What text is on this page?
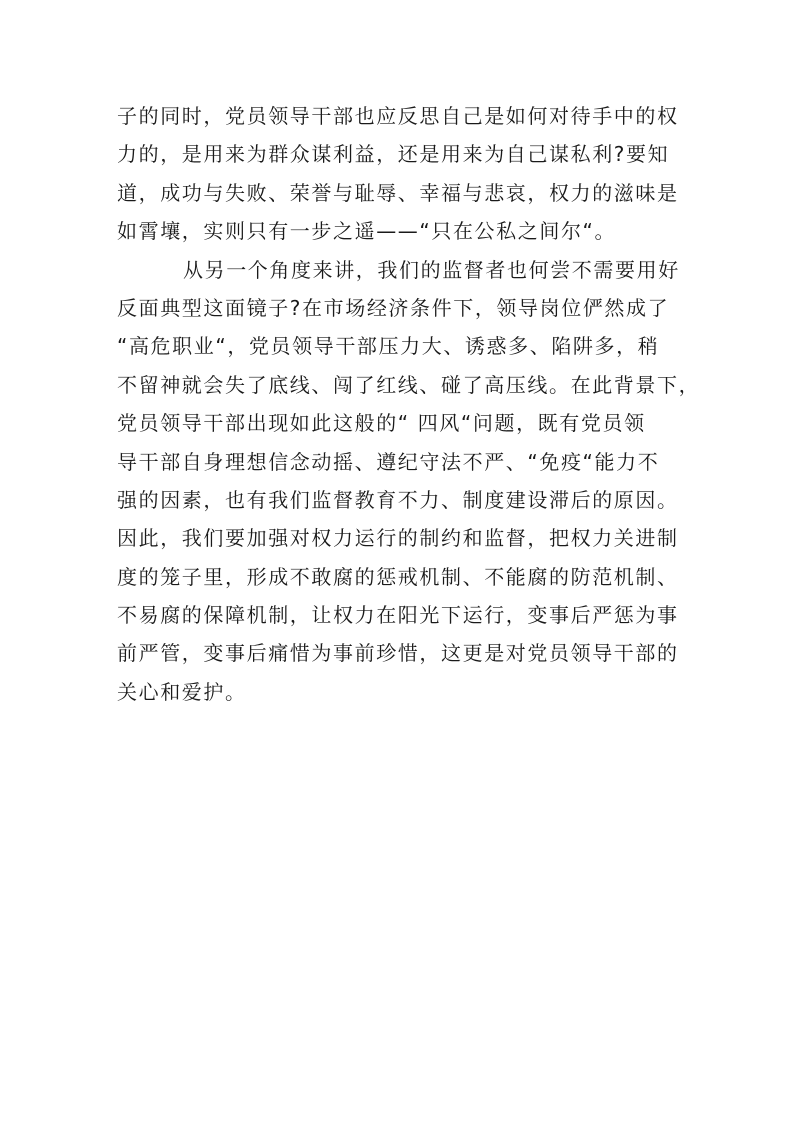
子的同时，党员领导干部也应反思自己是如何对待手中的权
力的，是用来为群众谋利益，还是用来为自己谋私利?要知
道，成功与失败、荣誉与耻辱、幸福与悲哀，权力的滋味是
如霄壤，实则只有一步之遥——“只在公私之间尔“。
从另一个角度来讲，我们的监督者也何尝不需要用好
反面典型这面镜子?在市场经济条件下，领导岗位俨然成了
“高危职业“，党员领导干部压力大、诱惑多、陷阱多，稍
不留神就会失了底线、闯了红线、碰了高压线。在此背景下，
党员领导干部出现如此这般的“ 四风“问题，既有党员领
导干部自身理想信念动摇、遵纪守法不严、“免疫“能力不
强的因素，也有我们监督教育不力、制度建设滞后的原因。
因此，我们要加强对权力运行的制约和监督，把权力关进制
度的笼子里，形成不敢腐的惩戒机制、不能腐的防范机制、
不易腐的保障机制，让权力在阳光下运行，变事后严惩为事
前严管，变事后痛惜为事前珍惜，这更是对党员领导干部的
关心和爱护。
